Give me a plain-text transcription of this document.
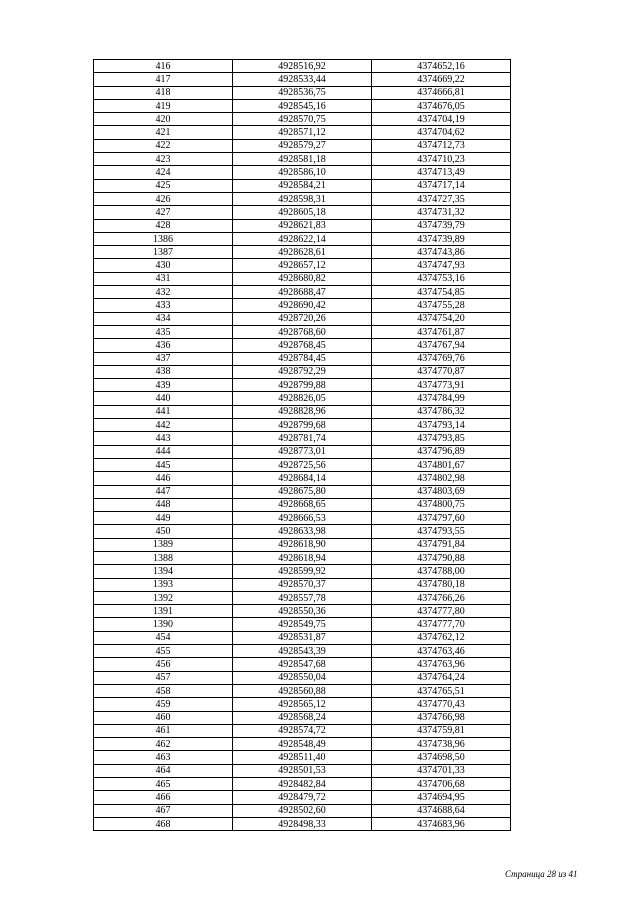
416	4928516,92	4374652,16
417	4928533,44	4374669,22
418	4928536,75	4374666,81
419	4928545,16	4374676,05
420	4928570,75	4374704,19
421	4928571,12	4374704,62
422	4928579,27	4374712,73
423	4928581,18	4374710,23
424	4928586,10	4374713,49
425	4928584,21	4374717,14
426	4928598,31	4374727,35
427	4928605,18	4374731,32
428	4928621,83	4374739,79
1386	4928622,14	4374739,89
1387	4928628,61	4374743,86
430	4928657,12	4374747,93
431	4928680,82	4374753,16
432	4928688,47	4374754,85
433	4928690,42	4374755,28
434	4928720,26	4374754,20
435	4928768,60	4374761,87
436	4928768,45	4374767,94
437	4928784,45	4374769,76
438	4928792,29	4374770,87
439	4928799,88	4374773,91
440	4928826,05	4374784,99
441	4928828,96	4374786,32
442	4928799,68	4374793,14
443	4928781,74	4374793,85
444	4928773,01	4374796,89
445	4928725,56	4374801,67
446	4928684,14	4374802,98
447	4928675,80	4374803,69
448	4928668,65	4374800,75
449	4928666,53	4374797,60
450	4928633,98	4374793,55
1389	4928618,90	4374791,84
1388	4928618,94	4374790,88
1394	4928599,92	4374788,00
1393	4928570,37	4374780,18
1392	4928557,78	4374766,26
1391	4928550,36	4374777,80
1390	4928549,75	4374777,70
454	4928531,87	4374762,12
455	4928543,39	4374763,46
456	4928547,68	4374763,96
457	4928550,04	4374764,24
458	4928560,88	4374765,51
459	4928565,12	4374770,43
460	4928568,24	4374766,98
461	4928574,72	4374759,81
462	4928548,49	4374738,96
463	4928511,40	4374698,50
464	4928501,53	4374701,33
465	4928482,84	4374706,68
466	4928479,72	4374694,95
467	4928502,60	4374688,64
468	4928498,33	4374683,96
Страница 28 из 41
